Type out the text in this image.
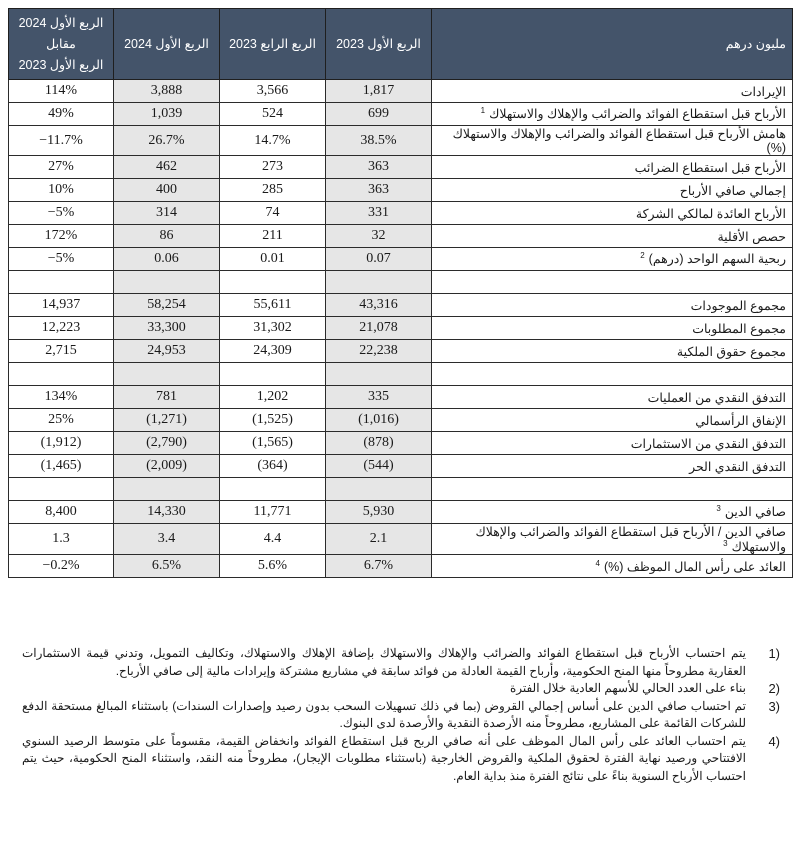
مليون درهم	الربع الأول 2023	الربع الرابع 2023	الربع الأول 2024	الربع الأول 2024
مقابل
الربع الأول 2023

الإيرادات	1,817	3,566	3,888	114%
الأرباح قبل استقطاع الفوائد والضرائب والإهلاك والاستهلاك$^1$	699	524	1,039	49%
هامش الأرباح قبل استقطاع الفوائد والضرائب والإهلاك والاستهلاك (%)	38.5%	14.7%	26.7%	−11.7%
الأرباح قبل استقطاع الضرائب	363	273	462	27%
إجمالي صافي الأرباح	363	285	400	10%
الأرباح العائدة لمالكي الشركة	331	74	314	−5%
حصص الأقلية	32	211	86	172%
ربحية السهم الواحد (درهم)$^2$	0.07	0.01	0.06	−5%

مجموع الموجودات	43,316	55,611	58,254	14,937
مجموع المطلوبات	21,078	31,302	33,300	12,223
مجموع حقوق الملكية	22,238	24,309	24,953	2,715

التدفق النقدي من العمليات	335	1,202	781	134%
الإنفاق الرأسمالي	(1,016)	(1,525)	(1,271)	25%
التدفق النقدي من الاستثمارات	(878)	(1,565)	(2,790)	(1,912)
التدفق النقدي الحر	(544)	(364)	(2,009)	(1,465)

صافي الدين$^3$	5,930	11,771	14,330	8,400
صافي الدين / الأرباح قبل استقطاع الفوائد والضرائب والإهلاك والاستهلاك$^3$	2.1	4.4	3.4	1.3
العائد على رأس المال الموظف (%)$^4$	6.7%	5.6%	6.5%	−0.2%
1)
يتم احتساب الأرباح قبل استقطاع الفوائد والضرائب والإهلاك والاستهلاك بإضافة الإهلاك والاستهلاك، وتكاليف التمويل، وتدني قيمة الاستثمارات العقارية مطروحاً منها المنح الحكومية، وأرباح القيمة العادلة من فوائد سابقة في مشاريع مشتركة وإيرادات مالية إلى صافي الأرباح.
2)
بناء على العدد الحالي للأسهم العادية خلال الفترة
3)
تم احتساب صافي الدين على أساس إجمالي القروض (بما في ذلك تسهيلات السحب بدون رصيد وإصدارات السندات) باستثناء المبالغ مستحقة الدفع للشركات القائمة على المشاريع، مطروحاً منه الأرصدة النقدية والأرصدة لدى البنوك.
4)
يتم احتساب العائد على رأس المال الموظف على أنه صافي الربح قبل استقطاع الفوائد وانخفاض القيمة، مقسوماً على متوسط الرصيد السنوي الافتتاحي ورصيد نهاية الفترة لحقوق الملكية والقروض الخارجية (باستثناء مطلوبات الإيجار)، مطروحاً منه النقد، واستثناء المنح الحكومية، حيث يتم احتساب الأرباح السنوية بناءً على نتائج الفترة منذ بداية العام.
